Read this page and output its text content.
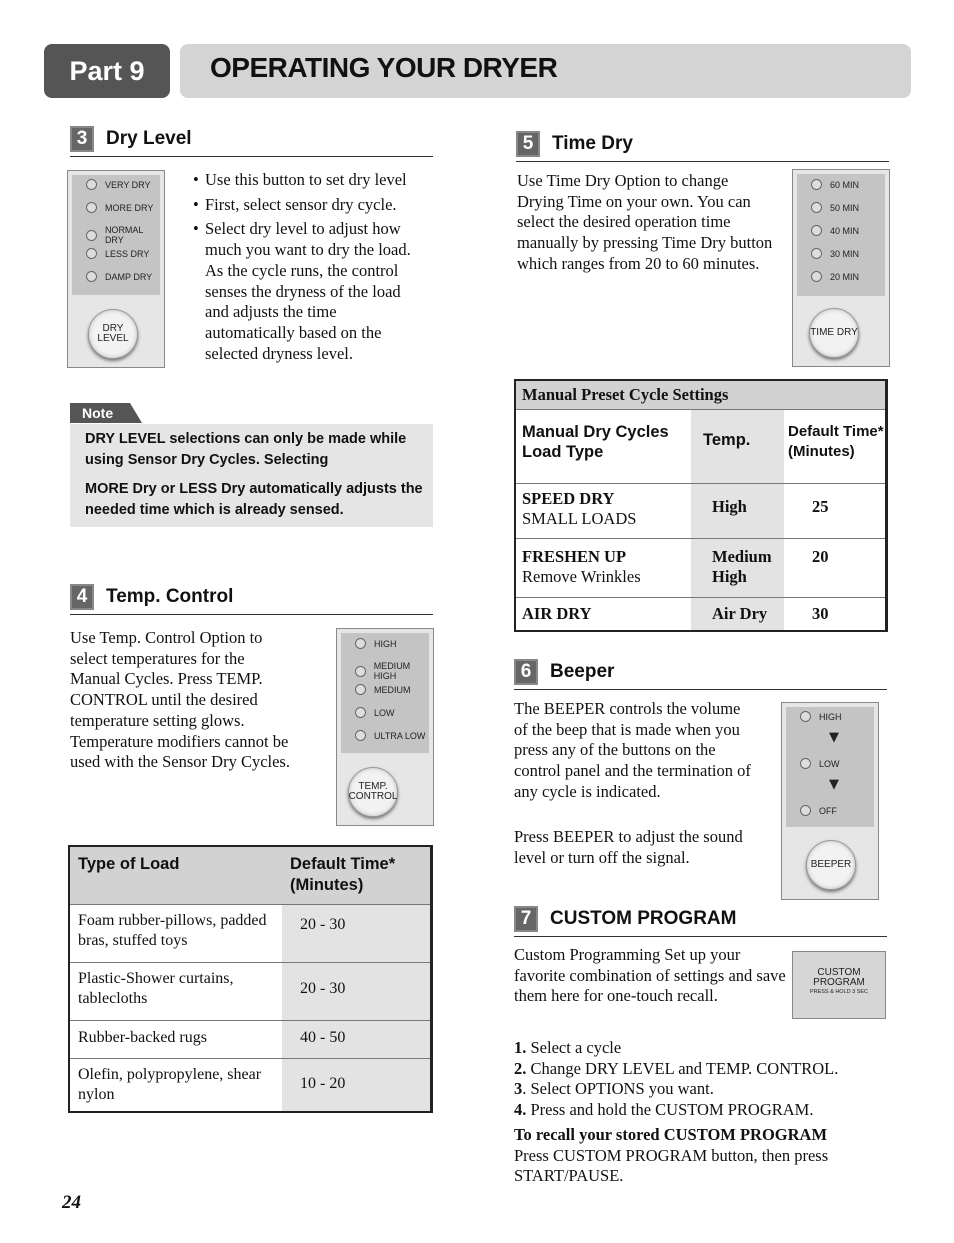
Part 9	OPERATING YOUR DRYER
3 Dry Level
VERY DRY
MORE DRY
NORMAL DRY
LESS DRY
DAMP DRY
DRY LEVEL
• Use this button to set dry level
• First, select sensor dry cycle.
• Select dry level to adjust how much you want to dry the load. As the cycle runs, the control senses the dryness of the load and adjusts the time automatically based on the selected dryness level.
Note
DRY LEVEL selections can only be made while using Sensor Dry Cycles. Selecting
MORE Dry or LESS Dry automatically adjusts the needed time which is already sensed.
4 Temp. Control
Use Temp. Control Option to select temperatures for the Manual Cycles. Press TEMP. CONTROL until the desired temperature setting glows. Temperature modifiers cannot be used with the Sensor Dry Cycles.
HIGH
MEDIUM HIGH
MEDIUM
LOW
ULTRA LOW
TEMP. CONTROL
Type of Load	Default Time* (Minutes)
Foam rubber-pillows, padded bras, stuffed toys	20 - 30
Plastic-Shower curtains, tablecloths	20 - 30
Rubber-backed rugs	40 - 50
Olefin, polypropylene, shear nylon	10 - 20
5 Time Dry
Use Time Dry Option to change Drying Time on your own. You can select the desired operation time manually by pressing Time Dry button which ranges from 20 to 60 minutes.
60 MIN
50 MIN
40 MIN
30 MIN
20 MIN
TIME DRY
Manual Preset Cycle Settings		
Manual Dry Cycles Load Type	Temp.	Default Time* (Minutes)
SPEED DRY
SMALL LOADS	High	25
FRESHEN UP
Remove Wrinkles	Medium High	20
AIR DRY	Air Dry	30
6 Beeper
The BEEPER controls the volume of the beep that is made when you press any of the buttons on the control panel and the termination of any cycle is indicated.
Press BEEPER to adjust the sound level or turn off the signal.
HIGH
▼
LOW
▼
OFF
BEEPER
7 CUSTOM PROGRAM
Custom Programming Set up your favorite combination of settings and save them here for one-touch recall.
CUSTOM
PROGRAM
PRESS & HOLD 3 SEC
1. Select a cycle
2. Change DRY LEVEL and TEMP. CONTROL.
3. Select OPTIONS you want.
4. Press and hold the CUSTOM PROGRAM.
To recall your stored CUSTOM PROGRAM
Press CUSTOM PROGRAM button, then press START/PAUSE.
24
